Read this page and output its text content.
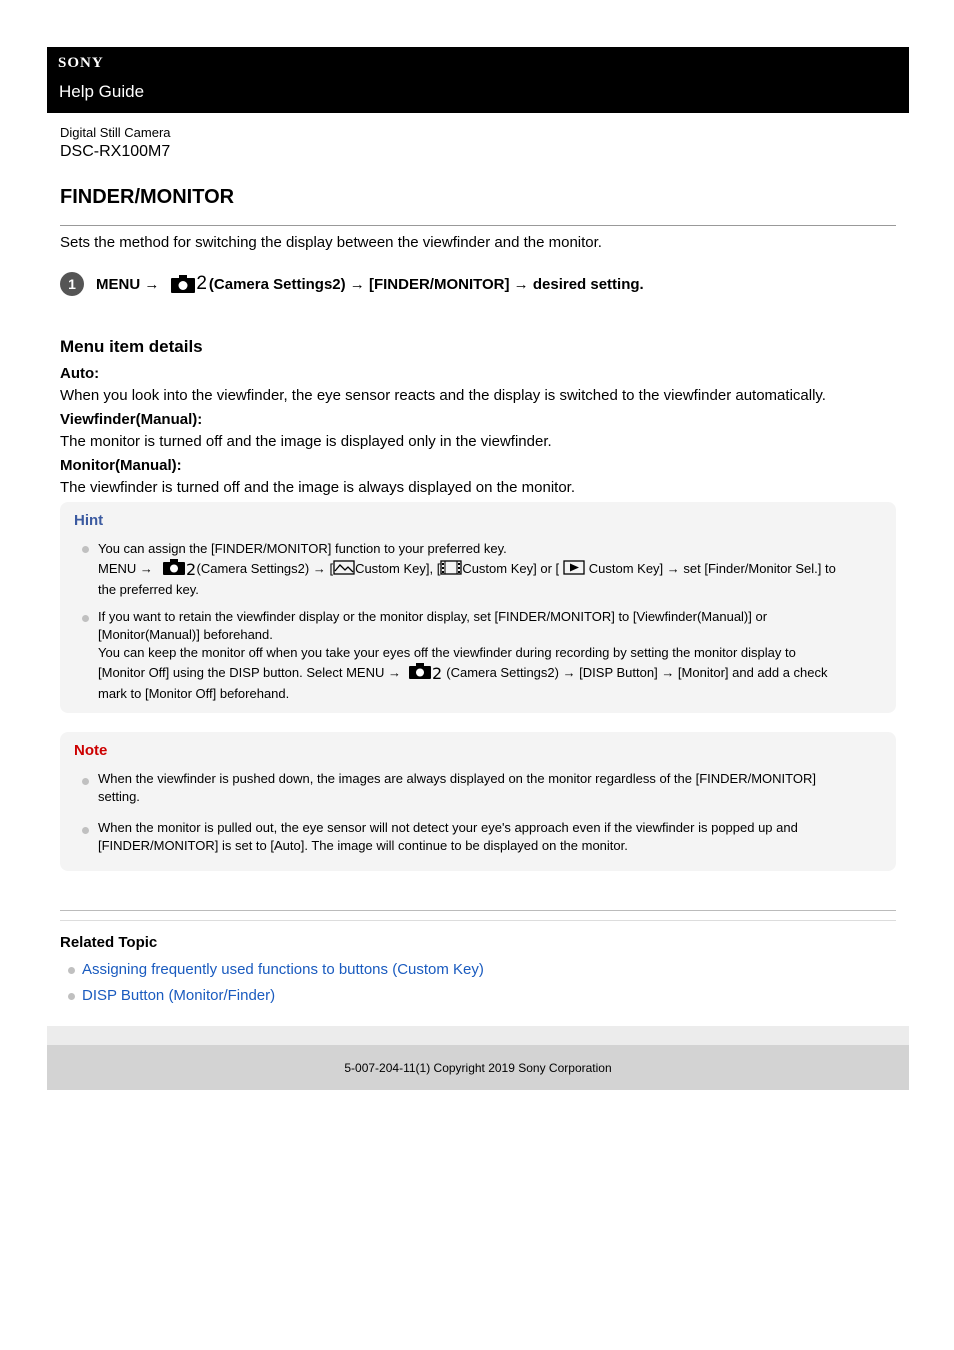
SONY
Help Guide
Digital Still Camera
DSC-RX100M7
FINDER/MONITOR
Sets the method for switching the display between the viewfinder and the monitor.
1	MENU → 2 (Camera Settings2) → [FINDER/MONITOR] → desired setting.
Menu item details

Auto:

When you look into the viewfinder, the eye sensor reacts and the display is switched to the viewfinder automatically.

Viewfinder(Manual):

The monitor is turned off and the image is displayed only in the viewfinder.

Monitor(Manual):

The viewfinder is turned off and the image is always displayed on the monitor.

Hint
You can assign the [FINDER/MONITOR] function to your preferred key.
MENU → 2 (Camera Settings2) → [ Custom Key], [ Custom Key] or [ Custom Key] → set [Finder/Monitor Sel.] to
the preferred key.
If you want to retain the viewfinder display or the monitor display, set [FINDER/MONITOR] to [Viewfinder(Manual)] or
[Monitor(Manual)] beforehand.
You can keep the monitor off when you take your eyes off the viewfinder during recording by setting the monitor display to
[Monitor Off] using the DISP button. Select MENU → 2 (Camera Settings2) → [DISP Button] → [Monitor] and add a check
mark to [Monitor Off] beforehand.
Note
When the viewfinder is pushed down, the images are always displayed on the monitor regardless of the [FINDER/MONITOR]
setting.
When the monitor is pulled out, the eye sensor will not detect your eye's approach even if the viewfinder is popped up and
[FINDER/MONITOR] is set to [Auto]. The image will continue to be displayed on the monitor.
Related Topic
Assigning frequently used functions to buttons (Custom Key)
DISP Button (Monitor/Finder)
5-007-204-11(1) Copyright 2019 Sony Corporation
